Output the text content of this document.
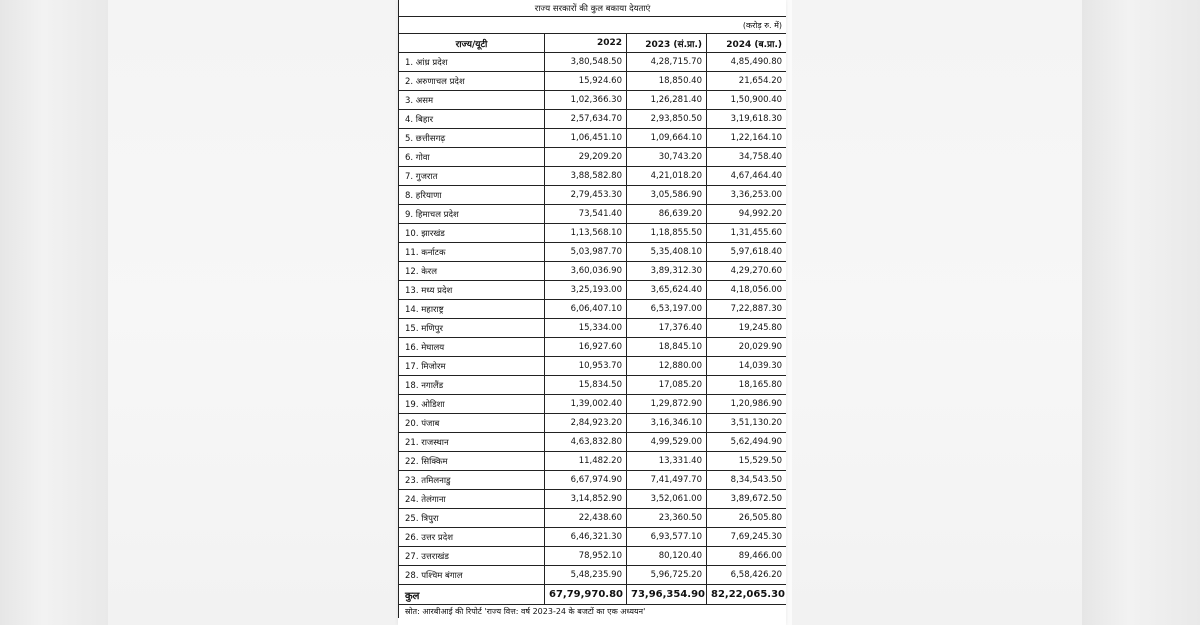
राज्य सरकारों की कुल बकाया देयताएं			
(करोड़ रु. में)			
राज्य/यूटी	2022	2023 (सं.प्रा.)	2024 (ब.प्रा.)
1. आंध्र प्रदेश	3,80,548.50	4,28,715.70	4,85,490.80
2. अरुणाचल प्रदेश	15,924.60	18,850.40	21,654.20
3. असम	1,02,366.30	1,26,281.40	1,50,900.40
4. बिहार	2,57,634.70	2,93,850.50	3,19,618.30
5. छत्तीसगढ़	1,06,451.10	1,09,664.10	1,22,164.10
6. गोवा	29,209.20	30,743.20	34,758.40
7. गुजरात	3,88,582.80	4,21,018.20	4,67,464.40
8. हरियाणा	2,79,453.30	3,05,586.90	3,36,253.00
9. हिमाचल प्रदेश	73,541.40	86,639.20	94,992.20
10. झारखंड	1,13,568.10	1,18,855.50	1,31,455.60
11. कर्नाटक	5,03,987.70	5,35,408.10	5,97,618.40
12. केरल	3,60,036.90	3,89,312.30	4,29,270.60
13. मध्य प्रदेश	3,25,193.00	3,65,624.40	4,18,056.00
14. महाराष्ट्र	6,06,407.10	6,53,197.00	7,22,887.30
15. मणिपुर	15,334.00	17,376.40	19,245.80
16. मेघालय	16,927.60	18,845.10	20,029.90
17. मिजोरम	10,953.70	12,880.00	14,039.30
18. नगालैंड	15,834.50	17,085.20	18,165.80
19. ओडिशा	1,39,002.40	1,29,872.90	1,20,986.90
20. पंजाब	2,84,923.20	3,16,346.10	3,51,130.20
21. राजस्थान	4,63,832.80	4,99,529.00	5,62,494.90
22. सिक्किम	11,482.20	13,331.40	15,529.50
23. तमिलनाडु	6,67,974.90	7,41,497.70	8,34,543.50
24. तेलंगाना	3,14,852.90	3,52,061.00	3,89,672.50
25. त्रिपुरा	22,438.60	23,360.50	26,505.80
26. उत्तर प्रदेश	6,46,321.30	6,93,577.10	7,69,245.30
27. उत्तराखंड	78,952.10	80,120.40	89,466.00
28. पश्चिम बंगाल	5,48,235.90	5,96,725.20	6,58,426.20
कुल	67,79,970.80	73,96,354.90	82,22,065.30
स्रोत: आरबीआई की रिपोर्ट 'राज्य वित्त: वर्ष 2023-24 के बजटों का एक अध्ययन'			
